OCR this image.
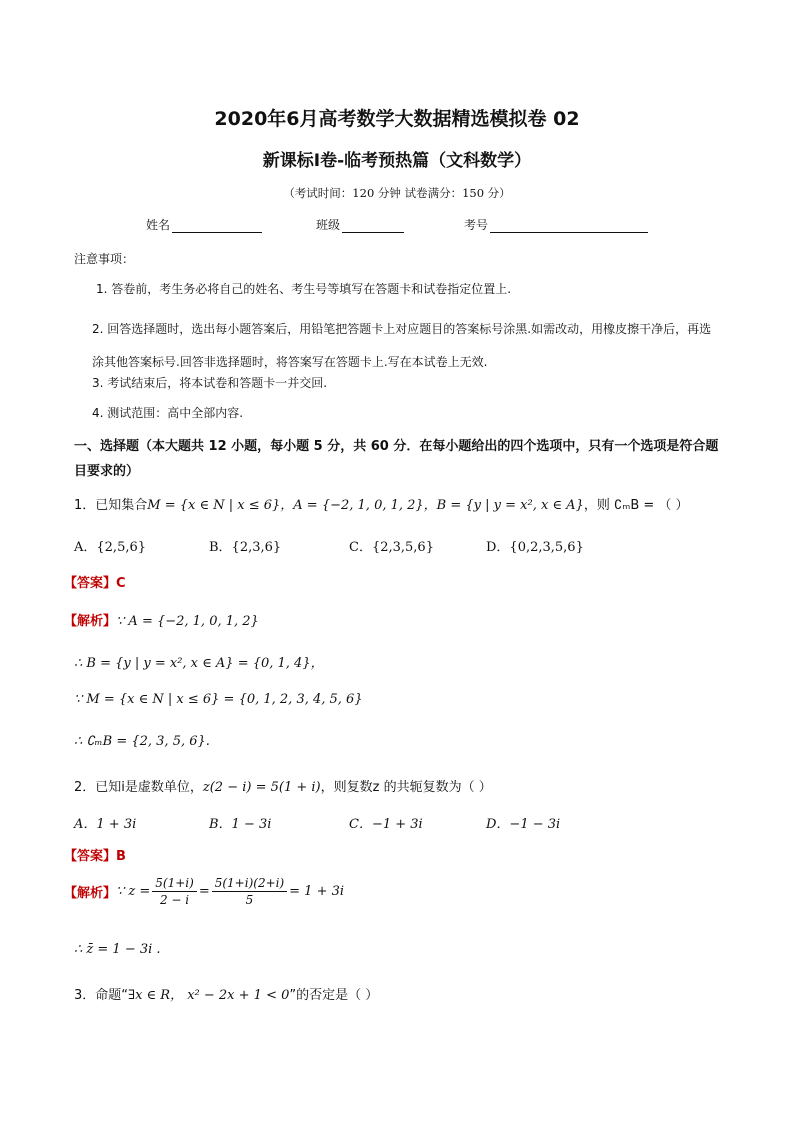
2020年6月高考数学大数据精选模拟卷 02
新课标Ⅰ卷-临考预热篇（文科数学）
（考试时间：120 分钟 试卷满分：150 分）
姓名	班级	考号
注意事项：
1. 答卷前，考生务必将自己的姓名、考生号等填写在答题卡和试卷指定位置上.
2. 回答选择题时，选出每小题答案后，用铅笔把答题卡上对应题目的答案标号涂黑.如需改动，用橡皮擦干净后，再选涂其他答案标号.回答非选择题时，将答案写在答题卡上.写在本试卷上无效.
3. 考试结束后，将本试卷和答题卡一并交回.
4. 测试范围：高中全部内容.
一、选择题（本大题共 12 小题，每小题 5 分，共 60 分．在每小题给出的四个选项中，只有一个选项是符合题目要求的）
1．已知集合M = {x ∈ N | x ≤ 6}，A = {−2, 1, 0, 1, 2}，B = {y | y = x², x ∈ A}，则 ∁ₘB = （ ）
A．{2,5,6}	B．{2,3,6}	C．{2,3,5,6}	D．{0,2,3,5,6}
【答案】C
【解析】∵ A = {−2, 1, 0, 1, 2}
∴ B = {y | y = x², x ∈ A} = {0, 1, 4}，
∵ M = {x ∈ N | x ≤ 6} = {0, 1, 2, 3, 4, 5, 6}
∴ ∁ₘB = {2, 3, 5, 6}.
2．已知i是虚数单位，z(2 − i) = 5(1 + i)，则复数z 的共轭复数为（ ）
A．1 + 3i	B．1 − 3i	C．−1 + 3i	D．−1 − 3i
【答案】B
【解析】 ∵ $z = \frac{5(1+i)}{2 - i} = \frac{5(1+i)(2+i)}{5} = 1 + 3i$
∴ z̄ = 1 − 3i .
3．命题“∃x ∈ R， x² − 2x + 1 < 0”的否定是（ ）
